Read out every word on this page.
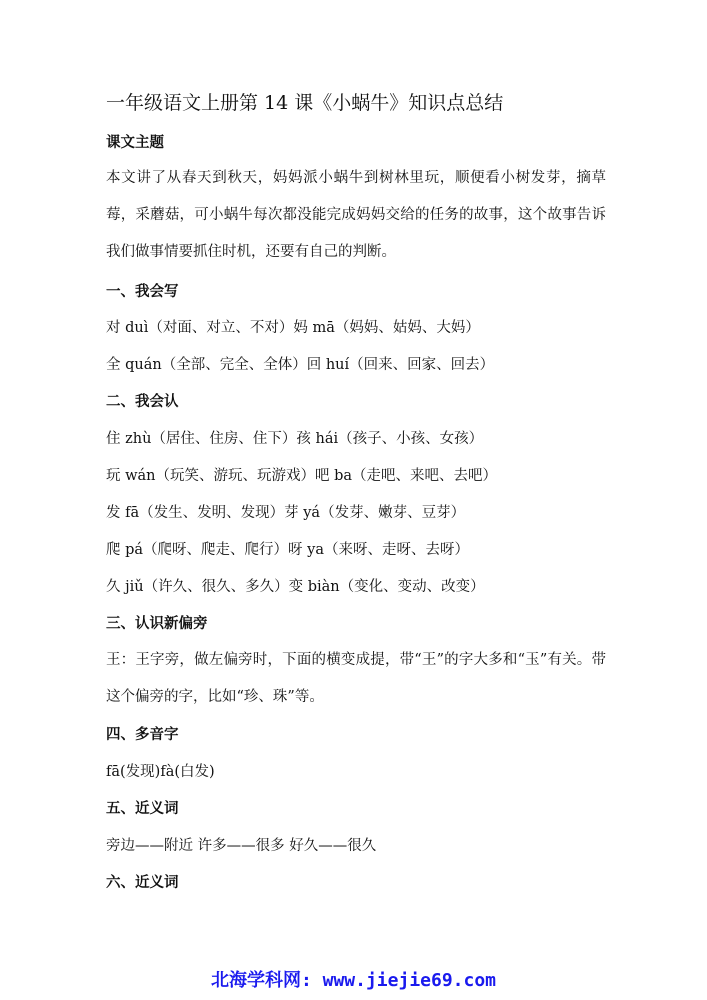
一年级语文上册第 14 课《小蜗牛》知识点总结
课文主题
本文讲了从春天到秋天，妈妈派小蜗牛到树林里玩，顺便看小树发芽，摘草莓，采蘑菇，可小蜗牛每次都没能完成妈妈交给的任务的故事，这个故事告诉我们做事情要抓住时机，还要有自己的判断。
一、我会写
对 duì（对面、对立、不对）妈 mā（妈妈、姑妈、大妈）
全 quán（全部、完全、全体）回 huí（回来、回家、回去）
二、我会认
住 zhù（居住、住房、住下）孩 hái（孩子、小孩、女孩）
玩 wán（玩笑、游玩、玩游戏）吧 ba（走吧、来吧、去吧）
发 fā（发生、发明、发现）芽 yá（发芽、嫩芽、豆芽）
爬 pá（爬呀、爬走、爬行）呀 ya（来呀、走呀、去呀）
久 jiǔ（许久、很久、多久）变 biàn（变化、变动、改变）
三、认识新偏旁
王：王字旁，做左偏旁时，下面的横变成提，带“王”的字大多和“玉”有关。带这个偏旁的字，比如“珍、珠”等。
四、多音字
fā(发现)fà(白发)
五、近义词
旁边——附近 许多——很多 好久——很久
六、近义词
北海学科网: www.jiejie69.com
